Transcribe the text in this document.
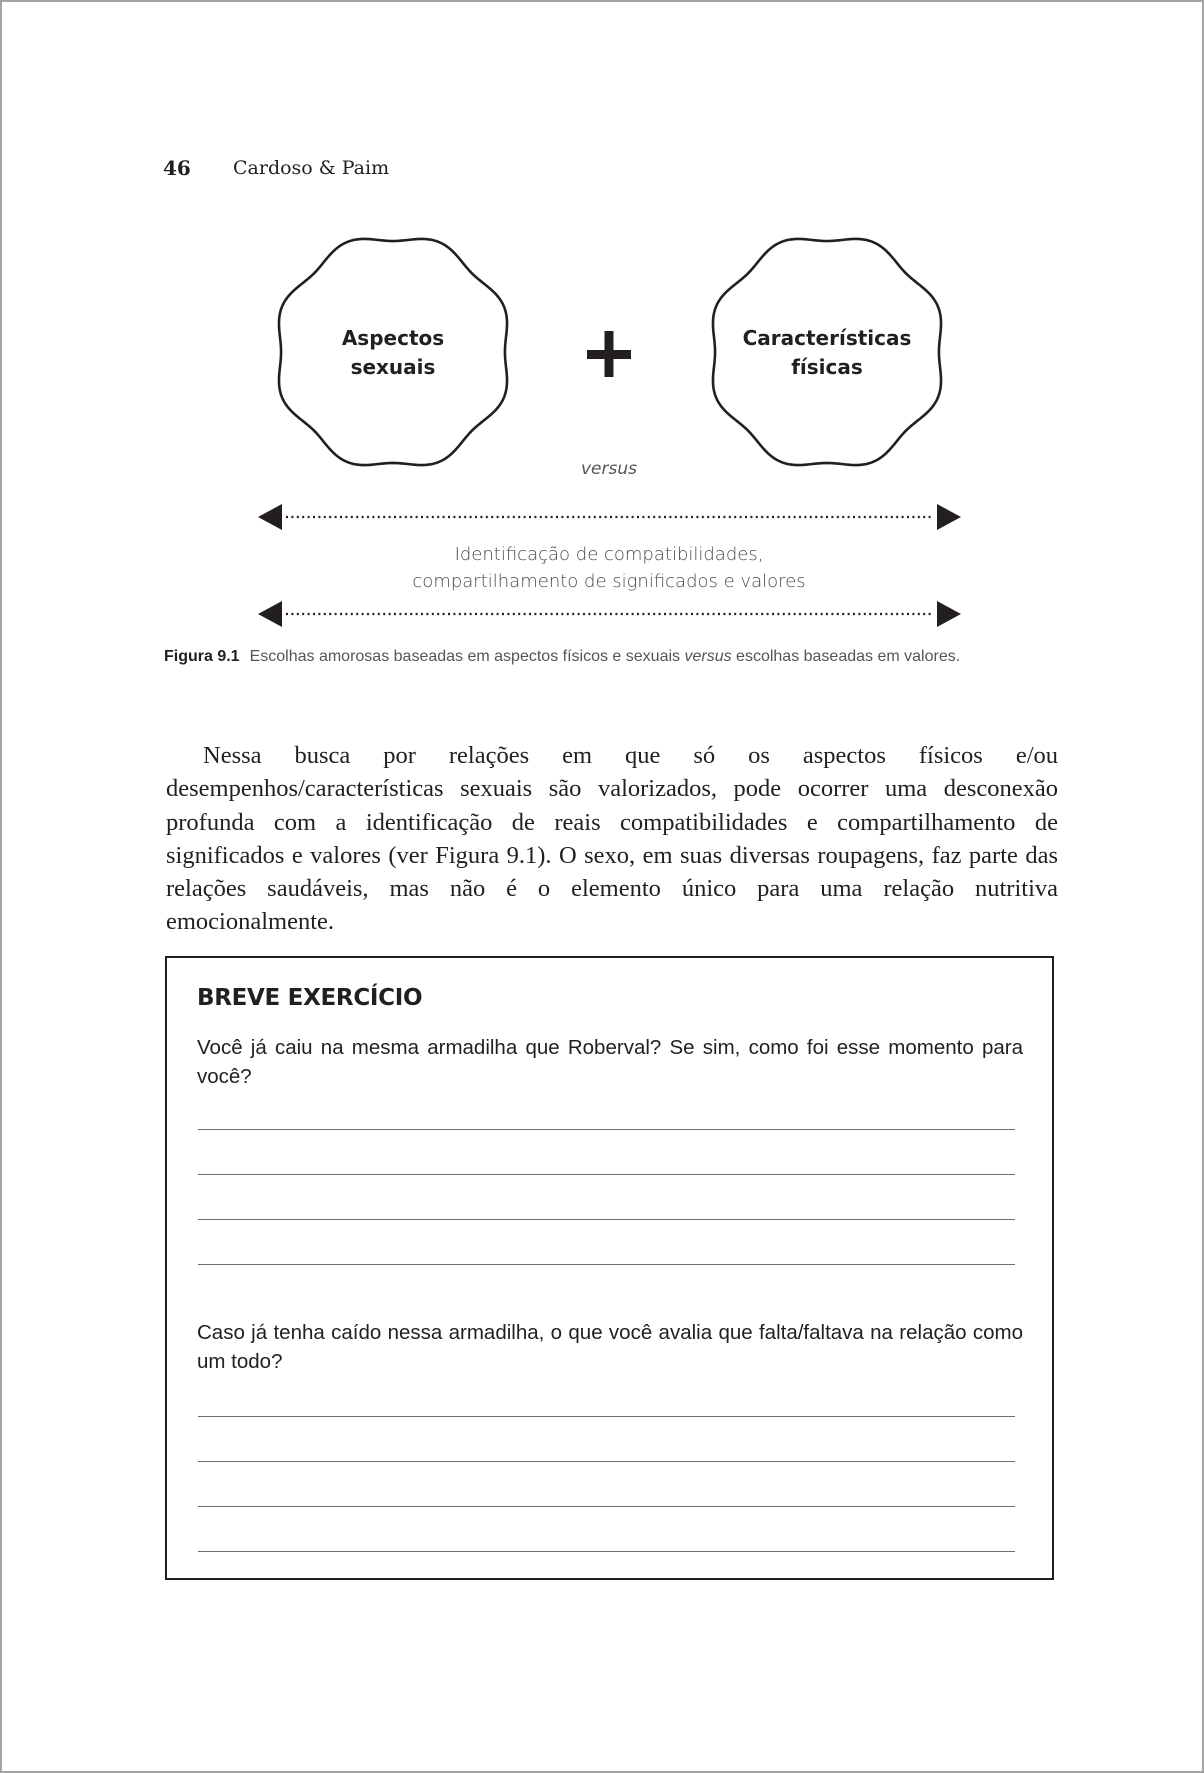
46 Cardoso & Paim
Aspectos
sexuais
Características
físicas
versus
Identificação de compatibilidades,
compartilhamento de significados e valores
Figura 9.1 Escolhas amorosas baseadas em aspectos físicos e sexuais versus escolhas baseadas em valores.
Nessa busca por relações em que só os aspectos físicos e/ou desempenhos/características sexuais são valorizados, pode ocorrer uma desconexão profunda com a identificação de reais compatibilidades e compartilhamento de significados e valores (ver Figura 9.1). O sexo, em suas diversas roupagens, faz parte das relações saudáveis, mas não é o elemento único para uma relação nutritiva emocionalmente.
BREVE EXERCÍCIO
Você já caiu na mesma armadilha que Roberval? Se sim, como foi esse momento para você?
Caso já tenha caído nessa armadilha, o que você avalia que falta/faltava na relação como um todo?
